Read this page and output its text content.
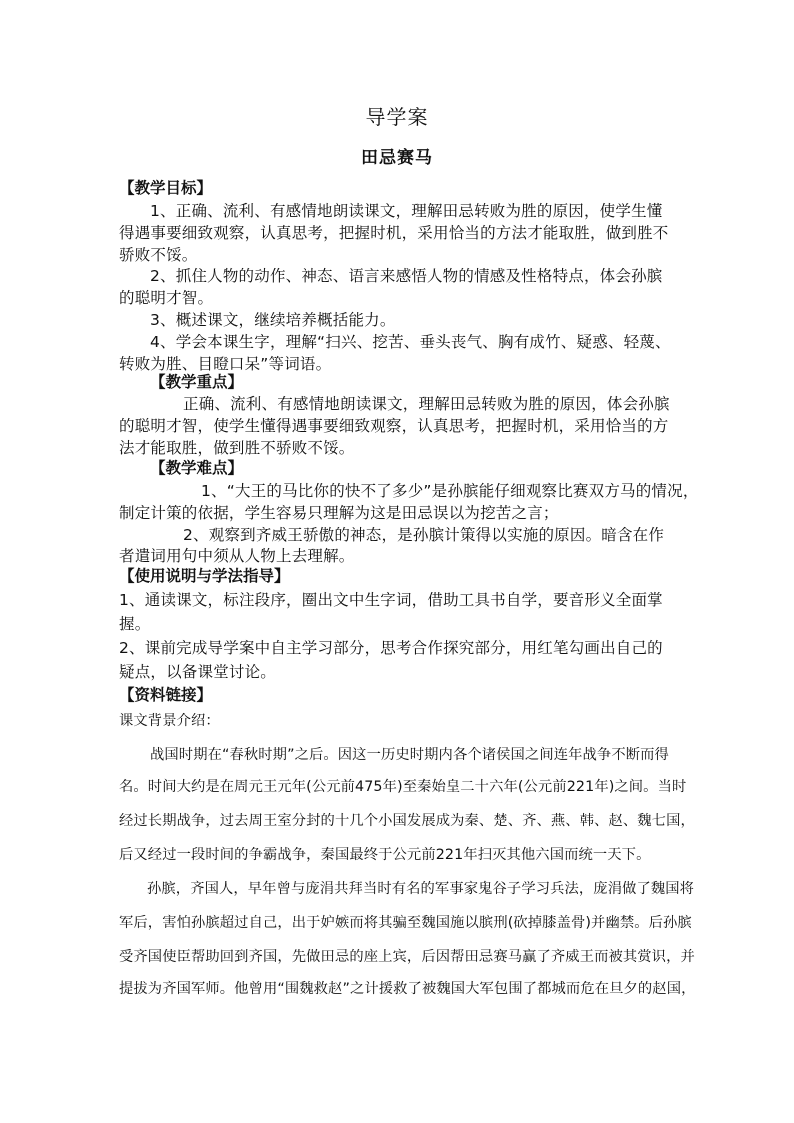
导学案
田忌赛马
【教学目标】
1、正确、流利、有感情地朗读课文，理解田忌转败为胜的原因，使学生懂
得遇事要细致观察，认真思考，把握时机，采用恰当的方法才能取胜，做到胜不
骄败不馁。
2、抓住人物的动作、神态、语言来感悟人物的情感及性格特点，体会孙膑
的聪明才智。
3、概述课文，继续培养概括能力。
4、学会本课生字，理解“扫兴、挖苦、垂头丧气、胸有成竹、疑惑、轻蔑、
转败为胜、目瞪口呆”等词语。
【教学重点】
正确、流利、有感情地朗读课文，理解田忌转败为胜的原因，体会孙膑
的聪明才智，使学生懂得遇事要细致观察，认真思考，把握时机，采用恰当的方
法才能取胜，做到胜不骄败不馁。
【教学难点】
1、“大王的马比你的快不了多少”是孙膑能仔细观察比赛双方马的情况，
制定计策的依据，学生容易只理解为这是田忌误以为挖苦之言；
2、观察到齐威王骄傲的神态，是孙膑计策得以实施的原因。暗含在作
者遣词用句中须从人物上去理解。
【使用说明与学法指导】
1、通读课文，标注段序，圈出文中生字词，借助工具书自学，要音形义全面掌
握。
2、课前完成导学案中自主学习部分，思考合作探究部分，用红笔勾画出自己的
疑点，以备课堂讨论。
【资料链接】
课文背景介绍：
战国时期在“春秋时期”之后。因这一历史时期内各个诸侯国之间连年战争不断而得
名。时间大约是在周元王元年(公元前475年)至秦始皇二十六年(公元前221年)之间。当时
经过长期战争，过去周王室分封的十几个小国发展成为秦、楚、齐、燕、韩、赵、魏七国，
后又经过一段时间的争霸战争，秦国最终于公元前221年扫灭其他六国而统一天下。
孙膑，齐国人，早年曾与庞涓共拜当时有名的军事家鬼谷子学习兵法，庞涓做了魏国将
军后，害怕孙膑超过自己，出于妒嫉而将其骗至魏国施以膑刑(砍掉膝盖骨)并幽禁。后孙膑
受齐国使臣帮助回到齐国，先做田忌的座上宾，后因帮田忌赛马赢了齐威王而被其赏识，并
提拔为齐国军师。他曾用“围魏救赵”之计援救了被魏国大军包围了都城而危在旦夕的赵国，
